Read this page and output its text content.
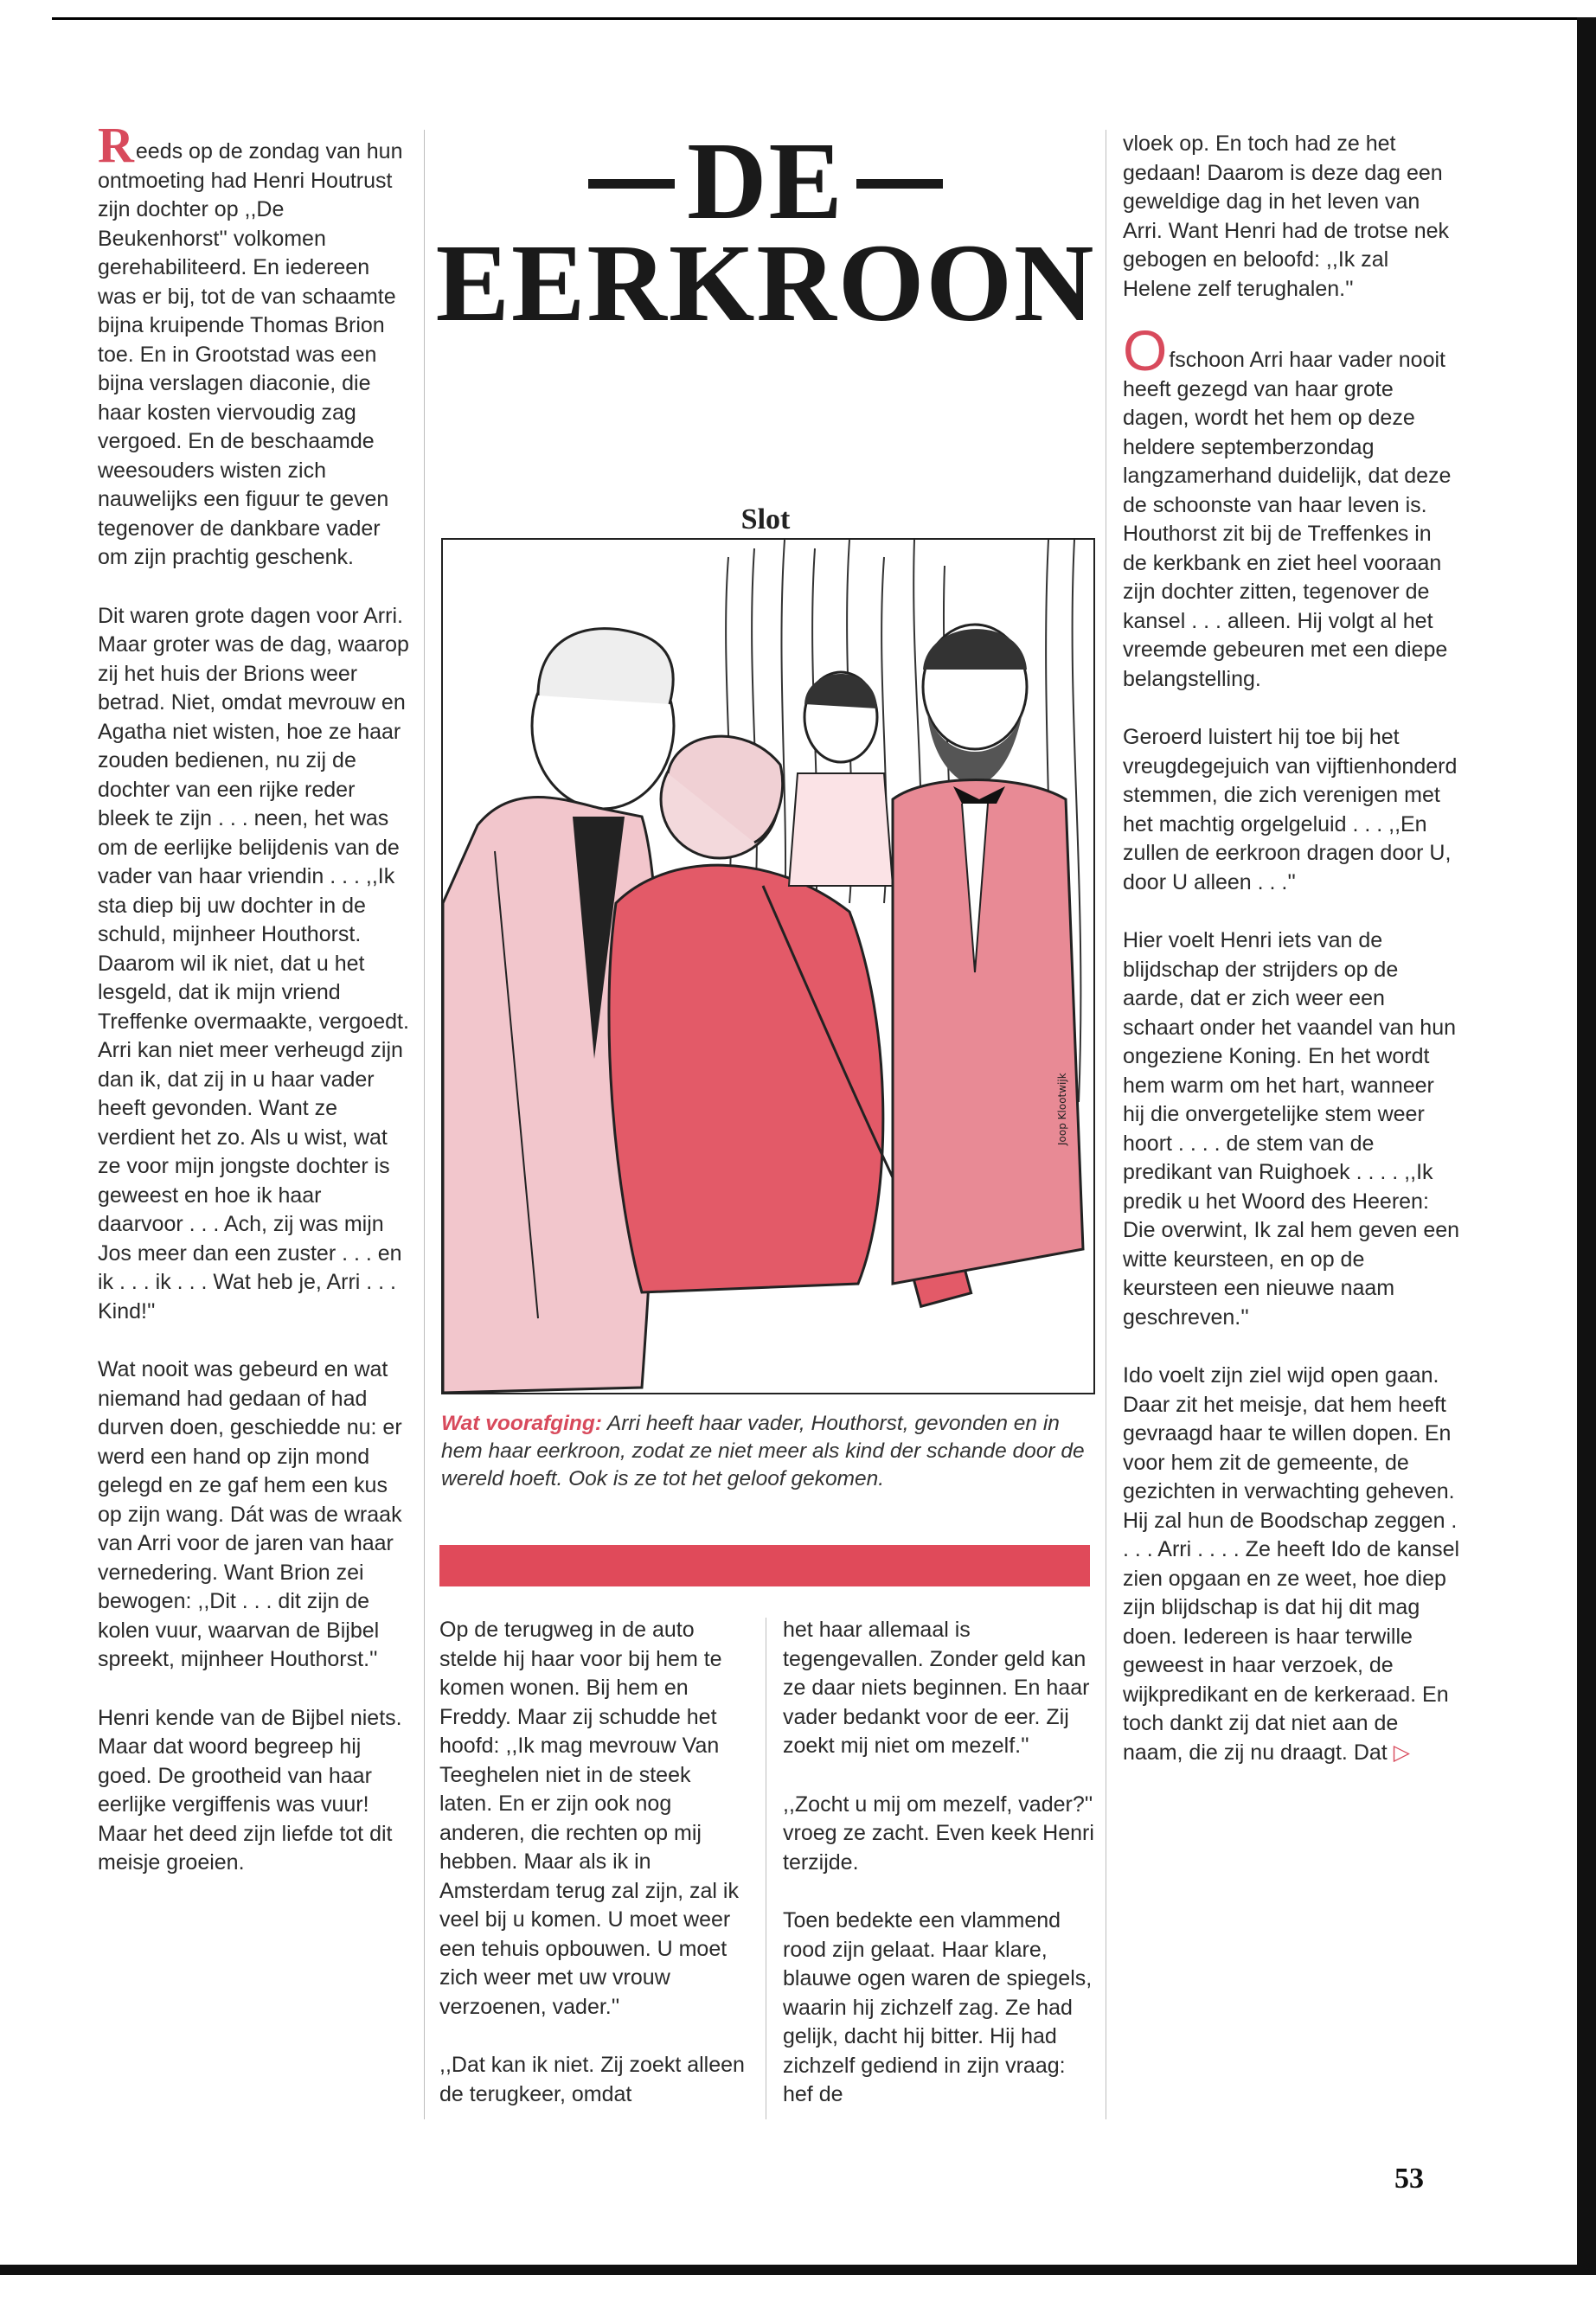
Reeds op de zondag van hun ontmoeting had Henri Houtrust zijn dochter op ,,De Beukenhorst'' volkomen gerehabiliteerd. En iedereen was er bij, tot de van schaamte bijna kruipende Thomas Brion toe. En in Grootstad was een bijna verslagen diaconie, die haar kosten viervoudig zag vergoed. En de beschaamde weesouders wisten zich nauwelijks een figuur te geven tegenover de dankbare vader om zijn prachtig geschenk.

Dit waren grote dagen voor Arri. Maar groter was de dag, waarop zij het huis der Brions weer betrad. Niet, omdat mevrouw en Agatha niet wisten, hoe ze haar zouden bedienen, nu zij de dochter van een rijke reder bleek te zijn . . . neen, het was om de eerlijke belijdenis van de vader van haar vriendin . . . ,,Ik sta diep bij uw dochter in de schuld, mijnheer Houthorst. Daarom wil ik niet, dat u het lesgeld, dat ik mijn vriend Treffenke overmaakte, vergoedt. Arri kan niet meer verheugd zijn dan ik, dat zij in u haar vader heeft gevonden. Want ze verdient het zo. Als u wist, wat ze voor mijn jongste dochter is geweest en hoe ik haar daarvoor . . . Ach, zij was mijn Jos meer dan een zuster . . . en ik . . . ik . . . Wat heb je, Arri . . . Kind!''

Wat nooit was gebeurd en wat niemand had gedaan of had durven doen, geschiedde nu: er werd een hand op zijn mond gelegd en ze gaf hem een kus op zijn wang. Dát was de wraak van Arri voor de jaren van haar vernedering. Want Brion zei bewogen: ,,Dit . . . dit zijn de kolen vuur, waarvan de Bijbel spreekt, mijnheer Houthorst.''

Henri kende van de Bijbel niets. Maar dat woord begreep hij goed. De grootheid van haar eerlijke vergiffenis was vuur! Maar het deed zijn liefde tot dit meisje groeien.

DE
EERKROON
Slot
Joop Klootwijk
Wat voorafging: Arri heeft haar vader, Houthorst, gevonden en in hem haar eerkroon, zodat ze niet meer als kind der schande door de wereld hoeft. Ook is ze tot het geloof gekomen.

Op de terugweg in de auto stelde hij haar voor bij hem te komen wonen. Bij hem en Freddy. Maar zij schudde het hoofd: ,,Ik mag mevrouw Van Teeghelen niet in de steek laten. En er zijn ook nog anderen, die rechten op mij hebben. Maar als ik in Amsterdam terug zal zijn, zal ik veel bij u komen. U moet weer een tehuis opbouwen. U moet zich weer met uw vrouw verzoenen, vader.''

,,Dat kan ik niet. Zij zoekt alleen de terugkeer, omdat

het haar allemaal is tegengevallen. Zonder geld kan ze daar niets beginnen. En haar vader bedankt voor de eer. Zij zoekt mij niet om mezelf.''

,,Zocht u mij om mezelf, vader?'' vroeg ze zacht. Even keek Henri terzijde.

Toen bedekte een vlammend rood zijn gelaat. Haar klare, blauwe ogen waren de spiegels, waarin hij zichzelf zag. Ze had gelijk, dacht hij bitter. Hij had zichzelf gediend in zijn vraag: hef de

vloek op. En toch had ze het gedaan! Daarom is deze dag een geweldige dag in het leven van Arri. Want Henri had de trotse nek gebogen en beloofd: ,,Ik zal Helene zelf terughalen.''

Ofschoon Arri haar vader nooit heeft gezegd van haar grote dagen, wordt het hem op deze heldere septemberzondag langzamerhand duidelijk, dat deze de schoonste van haar leven is. Houthorst zit bij de Treffenkes in de kerkbank en ziet heel vooraan zijn dochter zitten, tegenover de kansel . . . alleen. Hij volgt al het vreemde gebeuren met een diepe belangstelling.

Geroerd luistert hij toe bij het vreugdegejuich van vijftienhonderd stemmen, die zich verenigen met het machtig orgelgeluid . . . ,,En zullen de eerkroon dragen door U, door U alleen . . .''

Hier voelt Henri iets van de blijdschap der strijders op de aarde, dat er zich weer een schaart onder het vaandel van hun ongeziene Koning. En het wordt hem warm om het hart, wanneer hij die onvergetelijke stem weer hoort . . . . de stem van de predikant van Ruighoek . . . . ,,Ik predik u het Woord des Heeren: Die overwint, Ik zal hem geven een witte keursteen, en op de keursteen een nieuwe naam geschreven.''

Ido voelt zijn ziel wijd open gaan. Daar zit het meisje, dat hem heeft gevraagd haar te willen dopen. En voor hem zit de gemeente, de gezichten in verwachting geheven. Hij zal hun de Boodschap zeggen . . . . Arri . . . . Ze heeft Ido de kansel zien opgaan en ze weet, hoe diep zijn blijdschap is dat hij dit mag doen. Iedereen is haar terwille geweest in haar verzoek, de wijkpredikant en de kerkeraad. En toch dankt zij dat niet aan de naam, die zij nu draagt. Dat ▷

53
